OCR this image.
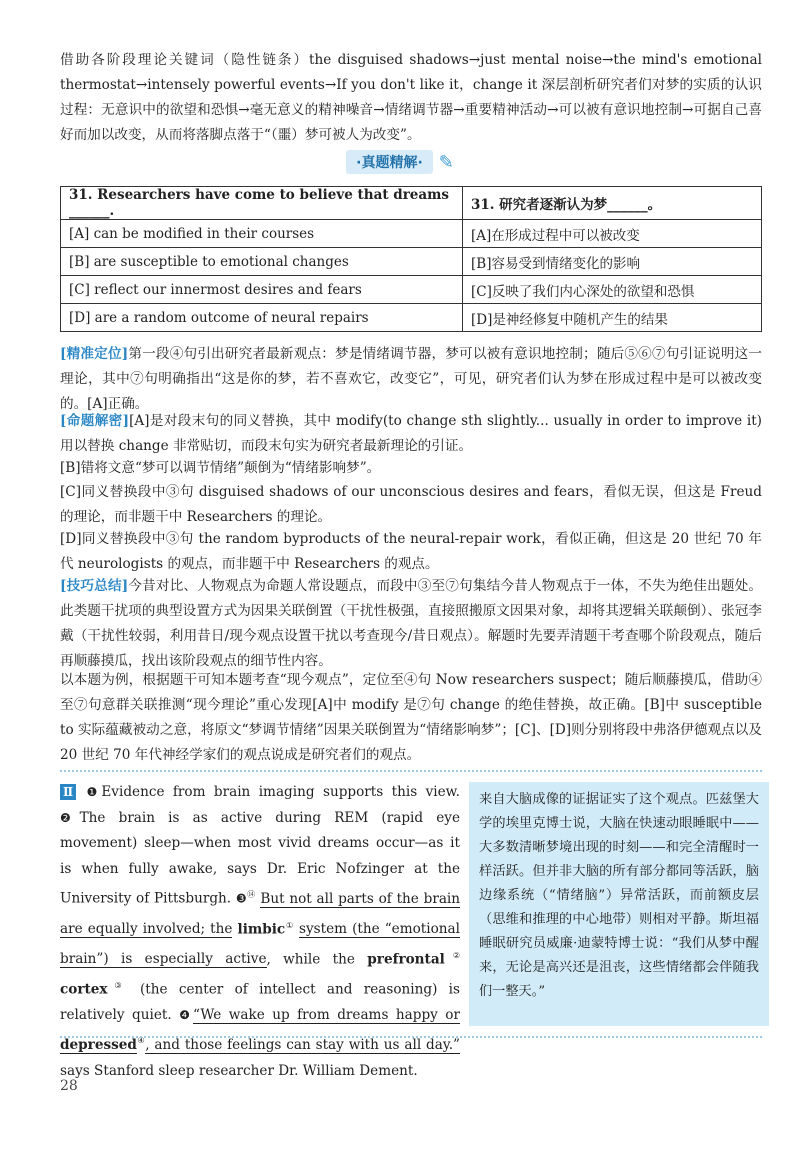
借助各阶段理论关键词（隐性链条）the disguised shadows→just mental noise→the mind's emotional thermostat→intensely powerful events→If you don't like it，change it 深层剖析研究者们对梦的实质的认识过程：无意识中的欲望和恐惧→毫无意义的精神噪音→情绪调节器→重要精神活动→可以被有意识地控制→可据自己喜好而加以改变，从而将落脚点落于“（噩）梦可被人为改变”。
·真题精解· ✎
31. Researchers have come to believe that dreams ______.	31. 研究者逐渐认为梦______。
[A] can be modified in their courses	[A]在形成过程中可以被改变
[B] are susceptible to emotional changes	[B]容易受到情绪变化的影响
[C] reflect our innermost desires and fears	[C]反映了我们内心深处的欲望和恐惧
[D] are a random outcome of neural repairs	[D]是神经修复中随机产生的结果
[精准定位]第一段④句引出研究者最新观点：梦是情绪调节器，梦可以被有意识地控制；随后⑤⑥⑦句引证说明这一理论，其中⑦句明确指出“这是你的梦，若不喜欢它，改变它”，可见，研究者们认为梦在形成过程中是可以被改变的。[A]正确。
[命题解密][A]是对段末句的同义替换，其中 modify(to change sth slightly... usually in order to improve it)用以替换 change 非常贴切，而段末句实为研究者最新理论的引证。
[B]错将文意“梦可以调节情绪”颠倒为“情绪影响梦”。
[C]同义替换段中③句 disguised shadows of our unconscious desires and fears，看似无误，但这是 Freud 的理论，而非题干中 Researchers 的理论。
[D]同义替换段中③句 the random byproducts of the neural-repair work，看似正确，但这是 20 世纪 70 年代 neurologists 的观点，而非题干中 Researchers 的观点。
[技巧总结]今昔对比、人物观点为命题人常设题点，而段中③至⑦句集结今昔人物观点于一体，不失为绝佳出题处。此类题干扰项的典型设置方式为因果关联倒置（干扰性极强，直接照搬原文因果对象，却将其逻辑关联颠倒）、张冠李戴（干扰性较弱，利用昔日/现今观点设置干扰以考查现今/昔日观点）。解题时先要弄清题干考查哪个阶段观点，随后再顺藤摸瓜，找出该阶段观点的细节性内容。
以本题为例，根据题干可知本题考查“现今观点”，定位至④句 Now researchers suspect；随后顺藤摸瓜，借助④至⑦句意群关联推测“现今理论”重心发现[A]中 modify 是⑦句 change 的绝佳替换，故正确。[B]中 susceptible to 实际蕴藏被动之意，将原文“梦调节情绪”因果关联倒置为“情绪影响梦”；[C]、[D]则分别将段中弗洛伊德观点以及 20 世纪 70 年代神经学家们的观点说成是研究者们的观点。
Ⅱ ❶Evidence from brain imaging supports this view. ❷The brain is as active during REM (rapid eye movement) sleep—when most vivid dreams occur—as it is when fully awake, says Dr. Eric Nofzinger at the University of Pittsburgh. ❸⑭ But not all parts of the brain are equally involved; the limbic① system (the “emotional brain”) is especially active, while the prefrontal② cortex③ (the center of intellect and reasoning) is relatively quiet. ❹“We wake up from dreams happy or depressed④, and those feelings can stay with us all day.” says Stanford sleep researcher Dr. William Dement.
来自大脑成像的证据证实了这个观点。匹兹堡大学的埃里克博士说，大脑在快速动眼睡眠中——大多数清晰梦境出现的时刻——和完全清醒时一样活跃。但并非大脑的所有部分都同等活跃，脑边缘系统（“情绪脑”）异常活跃，而前额皮层（思维和推理的中心地带）则相对平静。斯坦福睡眠研究员威廉·迪蒙特博士说：“我们从梦中醒来，无论是高兴还是沮丧，这些情绪都会伴随我们一整天。”
28
